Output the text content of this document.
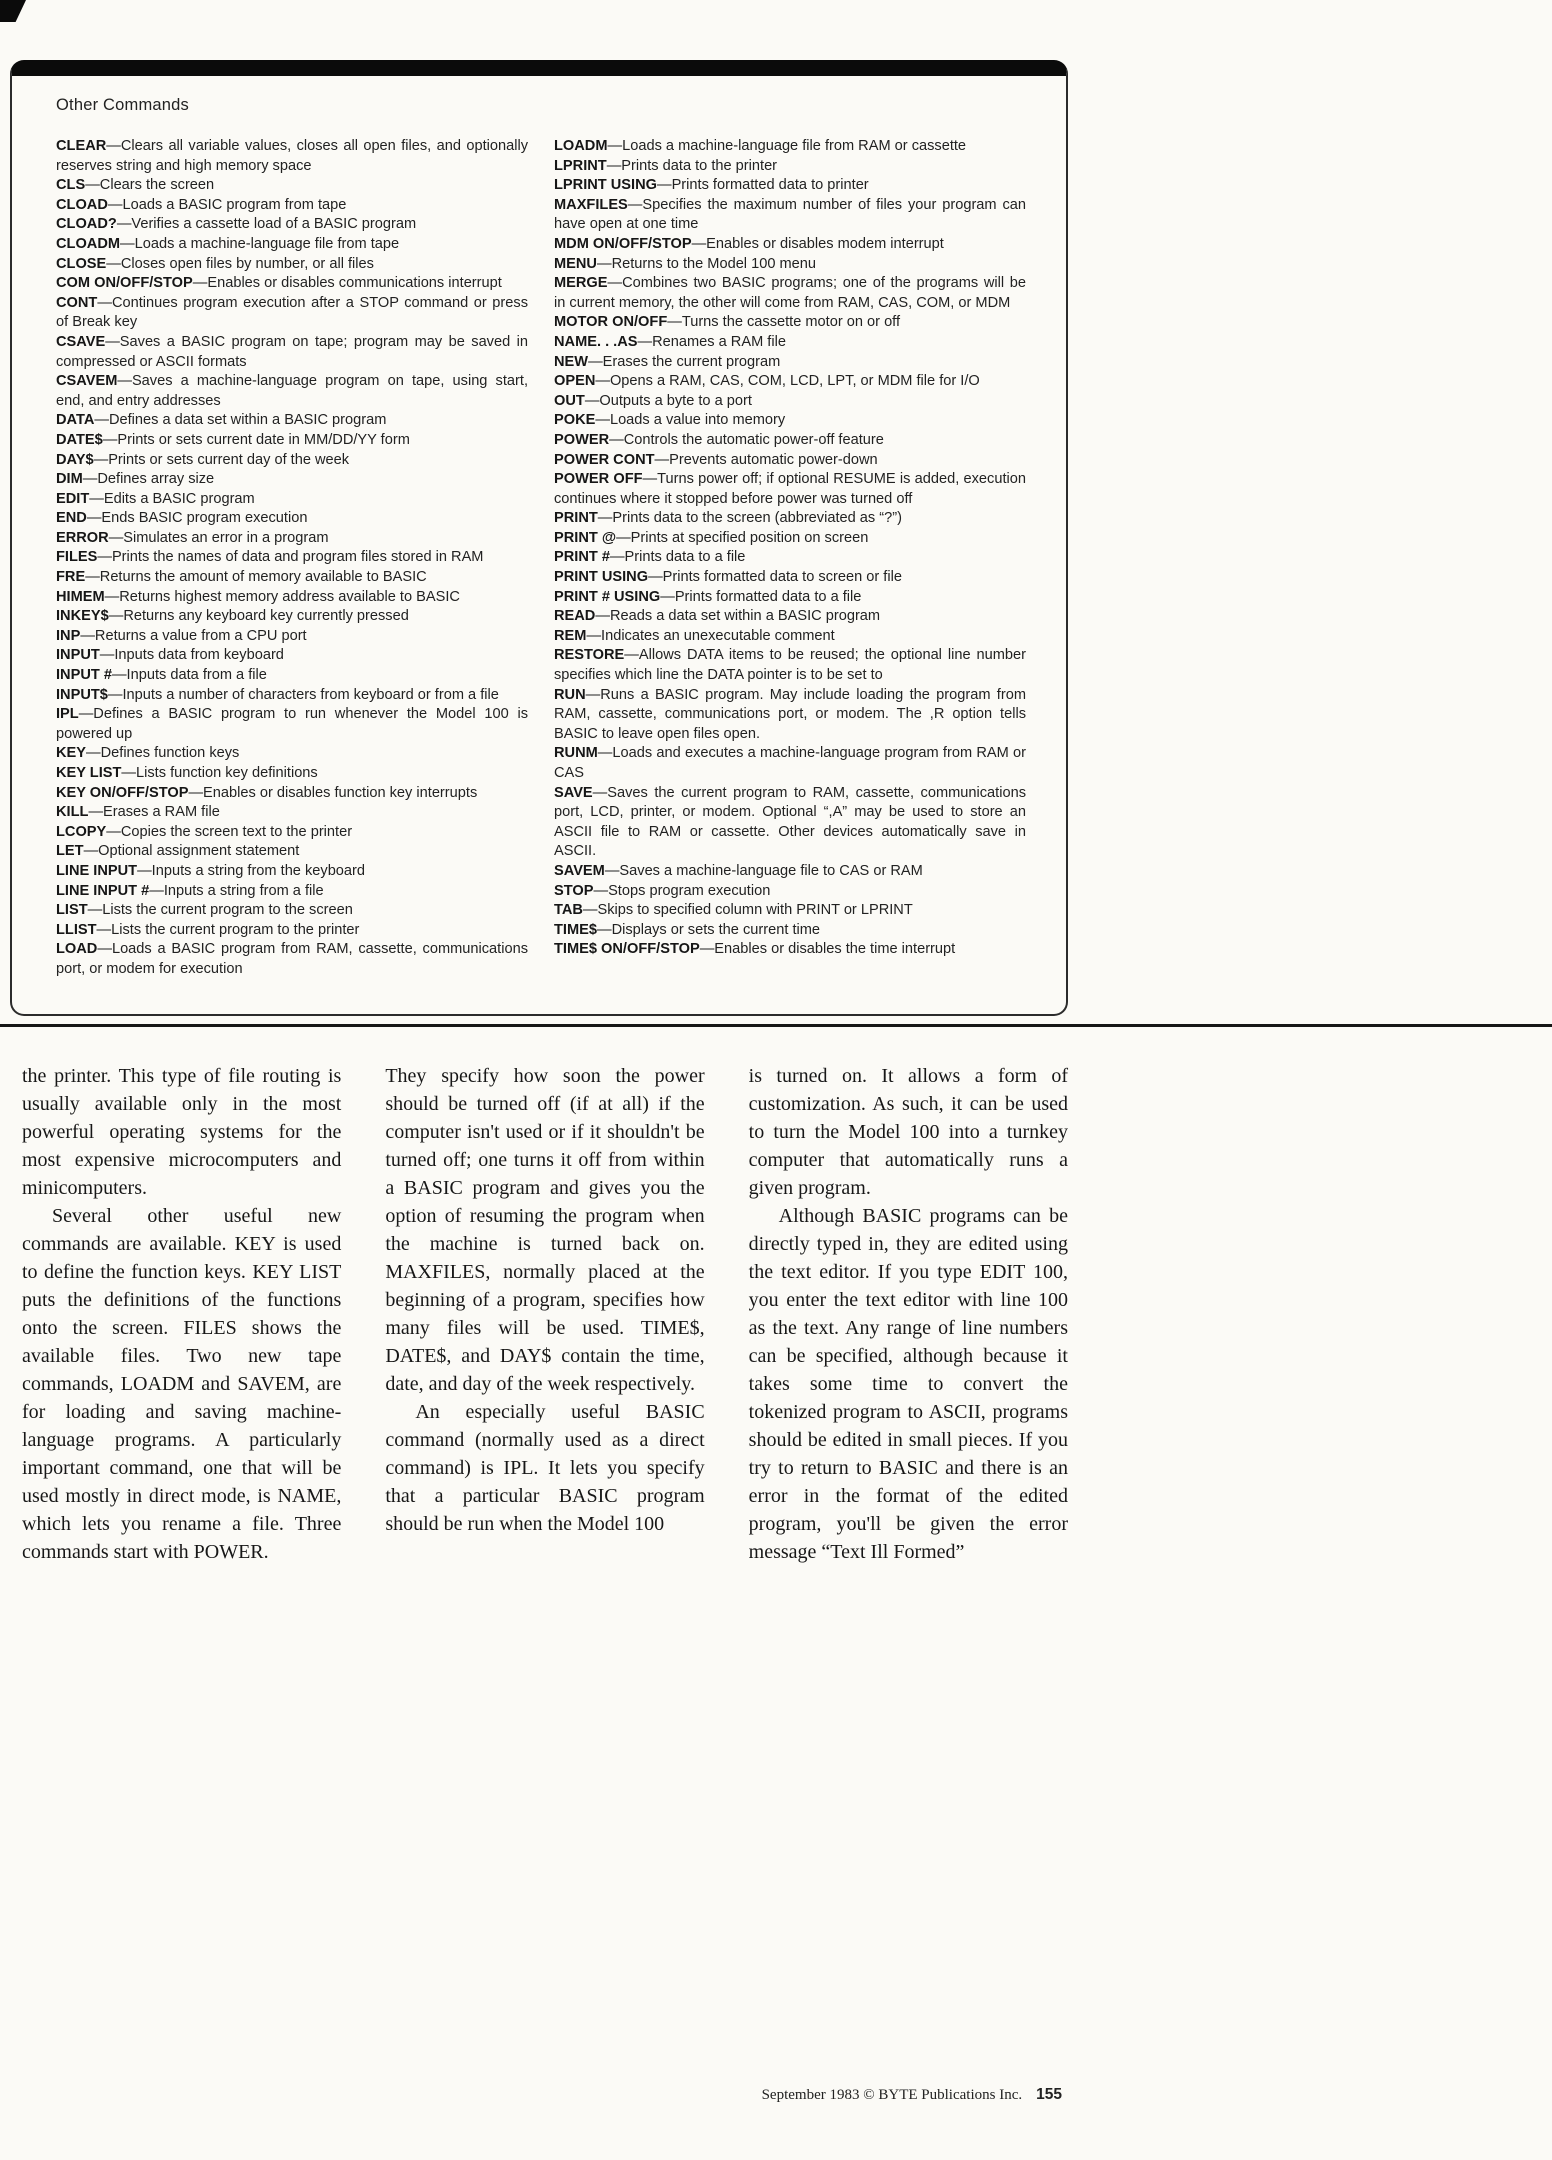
Other Commands

CLEAR—Clears all variable values, closes all open files, and optionally reserves string and high memory space

CLS—Clears the screen

CLOAD—Loads a BASIC program from tape

CLOAD?—Verifies a cassette load of a BASIC program

CLOADM—Loads a machine-language file from tape

CLOSE—Closes open files by number, or all files

COM ON/OFF/STOP—Enables or disables communications interrupt

CONT—Continues program execution after a STOP command or press of Break key

CSAVE—Saves a BASIC program on tape; program may be saved in compressed or ASCII formats

CSAVEM—Saves a machine-language program on tape, using start, end, and entry addresses

DATA—Defines a data set within a BASIC program

DATE$—Prints or sets current date in MM/DD/YY form

DAY$—Prints or sets current day of the week

DIM—Defines array size

EDIT—Edits a BASIC program

END—Ends BASIC program execution

ERROR—Simulates an error in a program

FILES—Prints the names of data and program files stored in RAM

FRE—Returns the amount of memory available to BASIC

HIMEM—Returns highest memory address available to BASIC

INKEY$—Returns any keyboard key currently pressed

INP—Returns a value from a CPU port

INPUT—Inputs data from keyboard

INPUT #—Inputs data from a file

INPUT$—Inputs a number of characters from keyboard or from a file

IPL—Defines a BASIC program to run whenever the Model 100 is powered up

KEY—Defines function keys

KEY LIST—Lists function key definitions

KEY ON/OFF/STOP—Enables or disables function key interrupts

KILL—Erases a RAM file

LCOPY—Copies the screen text to the printer

LET—Optional assignment statement

LINE INPUT—Inputs a string from the keyboard

LINE INPUT #—Inputs a string from a file

LIST—Lists the current program to the screen

LLIST—Lists the current program to the printer

LOAD—Loads a BASIC program from RAM, cassette, communications port, or modem for execution

LOADM—Loads a machine-language file from RAM or cassette

LPRINT—Prints data to the printer

LPRINT USING—Prints formatted data to printer

MAXFILES—Specifies the maximum number of files your program can have open at one time

MDM ON/OFF/STOP—Enables or disables modem interrupt

MENU—Returns to the Model 100 menu

MERGE—Combines two BASIC programs; one of the programs will be in current memory, the other will come from RAM, CAS, COM, or MDM

MOTOR ON/OFF—Turns the cassette motor on or off

NAME. . .AS—Renames a RAM file

NEW—Erases the current program

OPEN—Opens a RAM, CAS, COM, LCD, LPT, or MDM file for I/O

OUT—Outputs a byte to a port

POKE—Loads a value into memory

POWER—Controls the automatic power-off feature

POWER CONT—Prevents automatic power-down

POWER OFF—Turns power off; if optional RESUME is added, execution continues where it stopped before power was turned off

PRINT—Prints data to the screen (abbreviated as “?”)

PRINT @—Prints at specified position on screen

PRINT #—Prints data to a file

PRINT USING—Prints formatted data to screen or file

PRINT # USING—Prints formatted data to a file

READ—Reads a data set within a BASIC program

REM—Indicates an unexecutable comment

RESTORE—Allows DATA items to be reused; the optional line number specifies which line the DATA pointer is to be set to

RUN—Runs a BASIC program. May include loading the program from RAM, cassette, communications port, or modem. The ,R option tells BASIC to leave open files open.

RUNM—Loads and executes a machine-language program from RAM or CAS

SAVE—Saves the current program to RAM, cassette, communications port, LCD, printer, or modem. Optional “,A” may be used to store an ASCII file to RAM or cassette. Other devices automatically save in ASCII.

SAVEM—Saves a machine-language file to CAS or RAM

STOP—Stops program execution

TAB—Skips to specified column with PRINT or LPRINT

TIME$—Displays or sets the current time

TIME$ ON/OFF/STOP—Enables or disables the time interrupt

the printer. This type of file routing is usually available only in the most powerful operating systems for the most expensive microcomputers and minicomputers.

Several other useful new commands are available. KEY is used to define the function keys. KEY LIST puts the definitions of the functions onto the screen. FILES shows the available files. Two new tape commands, LOADM and SAVEM, are for loading and saving machine-language programs. A particularly important command, one that will be used mostly in direct mode, is NAME, which lets you rename a file. Three commands start with POWER.

They specify how soon the power should be turned off (if at all) if the computer isn't used or if it shouldn't be turned off; one turns it off from within a BASIC program and gives you the option of resuming the program when the machine is turned back on. MAXFILES, normally placed at the beginning of a program, specifies how many files will be used. TIME$, DATE$, and DAY$ contain the time, date, and day of the week respectively.

An especially useful BASIC command (normally used as a direct command) is IPL. It lets you specify that a particular BASIC program should be run when the Model 100

is turned on. It allows a form of customization. As such, it can be used to turn the Model 100 into a turnkey computer that automatically runs a given program.

Although BASIC programs can be directly typed in, they are edited using the text editor. If you type EDIT 100, you enter the text editor with line 100 as the text. Any range of line numbers can be specified, although because it takes some time to convert the tokenized program to ASCII, programs should be edited in small pieces. If you try to return to BASIC and there is an error in the format of the edited program, you'll be given the error message “Text Ill Formed”

September 1983 © BYTE Publications Inc. 155
